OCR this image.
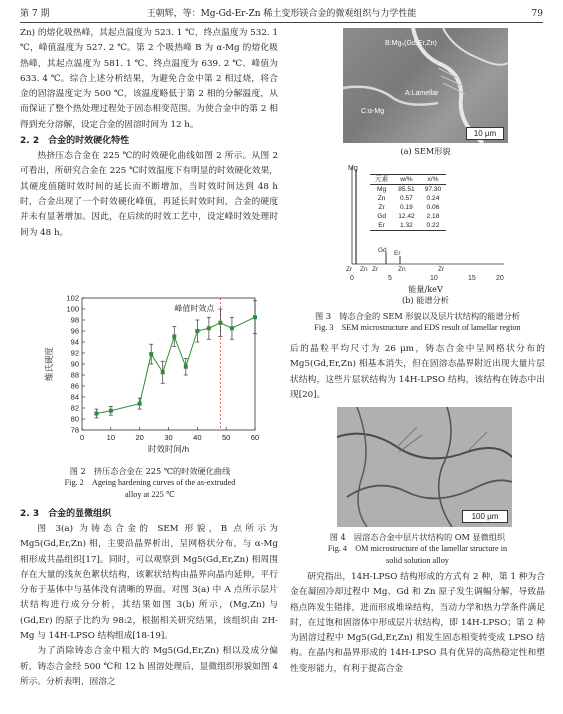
第 7 期	王朝辉，等：Mg-Gd-Er-Zn 稀土变形镁合金的微观组织与力学性能	79

Zn) 的熔化吸热峰，其起点温度为 523. 1 ℃，终点温度为 532. 1 ℃，峰值温度为 527. 2 ℃。第 2 个吸热峰 B 为 α-Mg 的熔化吸热峰，其起点温度为 581. 1 ℃、终点温度为 639. 2 ℃、峰值为 633. 4 ℃。综合上述分析结果，为避免合金中第 2 相过烧，将合金的固溶温度定为 500 ℃，该温度略低于第 2 相的分解温度，从而保证了整个热处理过程处于固态相变范围。为使合金中的第 2 相得到充分溶解，设定合金的固溶时间为 12 h。

2. 2　合金的时效硬化特性

热挤压态合金在 225 ℃的时效硬化曲线如图 2 所示。从图 2 可看出，所研究合金在 225 ℃时效温度下有明显的时效硬化效果，其硬度值随时效时间的延长而不断增加，当时效时间达到 48 h 时，合金出现了一个时效硬化峰值，再延长时效时间，合金的硬度并未有显著增加。因此，在后续的时效工艺中，设定峰时效处理时间为 48 h。

0	10	20	30	40	50	60
78
80
82
84
86
88
90
92
94
96
98
100
102
时效时间/h
维氏硬度
峰值时效点
图 2　挤压态合金在 225 ℃的时效硬化曲线
Fig. 2　Ageing hardening curves of the as-extruded
alloy at 225 ℃

2. 3　合金的显微组织

图 3(a) 为铸态合金的 SEM 形貌，B 点所示为 Mg5(Gd,Er,Zn) 相，主要沿晶界析出，呈网格状分布，与 α-Mg 相形成共晶组织[17]。同时，可以观察到 Mg5(Gd,Er,Zn) 相周围存在大量的浅灰色絮状结构，该絮状结构由晶界向晶内延伸，平行分布于基体中与基体没有清晰的界面。对图 3(a) 中 A 点所示层片状结构进行成分分析，其结果如图 3(b) 所示，(Mg,Zn) 与 (Gd,Er) 的原子比约为 98:2，根据相关研究结果，该组织由 2H-Mg 与 14H-LPSO 结构组成[18-19]。

为了消除铸态合金中粗大的 Mg5(Gd,Er,Zn) 相以及成分偏析，铸态合金经 500 ℃和 12 h 固溶处理后，显微组织形貌如图 4 所示。分析表明，固溶之

B:Mg₅(Gd,Er,Zn)
A:Lamellar
C:α-Mg
10 μm
(a) SEM形貌
Mg
Gd Er
Zr Zn Zr	Zn	Zr
0	5	10	15	20
元素	w/%	x/%
Mg	85.51	97.30
Zn	0.57	0.24
Zr	0.19	0.06
Gd	12.42	2.18
Er	1.32	0.22
能量/keV
(b) 能谱分析
图 3　铸态合金的 SEM 形貌以及层片状结构的能谱分析
Fig. 3　SEM microstructure and EDS result of lamellar region

后的晶粒平均尺寸为 26 μm，铸态合金中呈网格状分布的 Mg5(Gd,Er,Zn) 相基本消失，但在固溶态晶界附近出现大量片层状结构，这些片层状结构为 14H-LPSO 结构，该结构在铸态中出现[20]。

100 μm
图 4　固溶态合金中层片状结构的 OM 显微组织
Fig. 4　OM microstructure of the lamellar structure in
solid solution alloy

研究指出，14H-LPSO 结构形成的方式有 2 种，第 1 种为合金在凝固冷却过程中 Mg、Gd 和 Zn 原子发生调幅分解，导致晶格点阵发生错排，进而形成堆垛结构，当动力学和热力学条件满足时，在过饱和固溶体中形成层片状结构，即 14H-LPSO；第 2 种为固溶过程中 Mg5(Gd,Er,Zn) 相发生固态相变转变成 LPSO 结构。在晶内和晶界形成的 14H-LPSO 具有优异的高热稳定性和塑性变形能力，有利于提高合金
